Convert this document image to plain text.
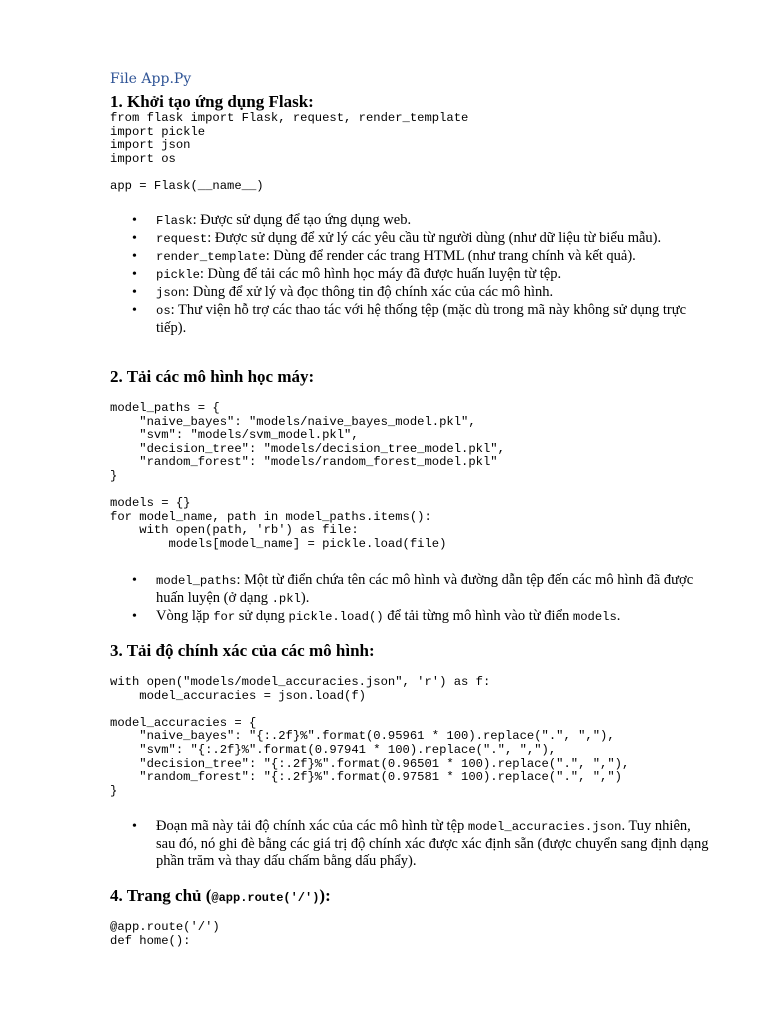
File App.Py
1. Khởi tạo ứng dụng Flask:
from flask import Flask, request, render_template
import pickle
import json
import os

app = Flask(__name__)
• Flask: Được sử dụng để tạo ứng dụng web.
• request: Được sử dụng để xử lý các yêu cầu từ người dùng (như dữ liệu từ biểu mẫu).
• render_template: Dùng để render các trang HTML (như trang chính và kết quả).
• pickle: Dùng để tải các mô hình học máy đã được huấn luyện từ tệp.
• json: Dùng để xử lý và đọc thông tin độ chính xác của các mô hình.
• os: Thư viện hỗ trợ các thao tác với hệ thống tệp (mặc dù trong mã này không sử dụng trực tiếp).
2. Tải các mô hình học máy:
model_paths = {
"naive_bayes": "models/naive_bayes_model.pkl",
"svm": "models/svm_model.pkl",
"decision_tree": "models/decision_tree_model.pkl",
"random_forest": "models/random_forest_model.pkl"
}

models = {}
for model_name, path in model_paths.items():
with open(path, 'rb') as file:
models[model_name] = pickle.load(file)
• model_paths: Một từ điển chứa tên các mô hình và đường dẫn tệp đến các mô hình đã được huấn luyện (ở dạng .pkl).
• Vòng lặp for sử dụng pickle.load() để tải từng mô hình vào từ điển models.
3. Tải độ chính xác của các mô hình:
with open("models/model_accuracies.json", 'r') as f:
model_accuracies = json.load(f)

model_accuracies = {
"naive_bayes": "{:.2f}%".format(0.95961 * 100).replace(".", ","),
"svm": "{:.2f}%".format(0.97941 * 100).replace(".", ","),
"decision_tree": "{:.2f}%".format(0.96501 * 100).replace(".", ","),
"random_forest": "{:.2f}%".format(0.97581 * 100).replace(".", ",")
}
• Đoạn mã này tải độ chính xác của các mô hình từ tệp model_accuracies.json. Tuy nhiên, sau đó, nó ghi đè bằng các giá trị độ chính xác được xác định sẵn (được chuyển sang định dạng phần trăm và thay dấu chấm bằng dấu phẩy).
4. Trang chủ (@app.route('/')):
@app.route('/')
def home():
